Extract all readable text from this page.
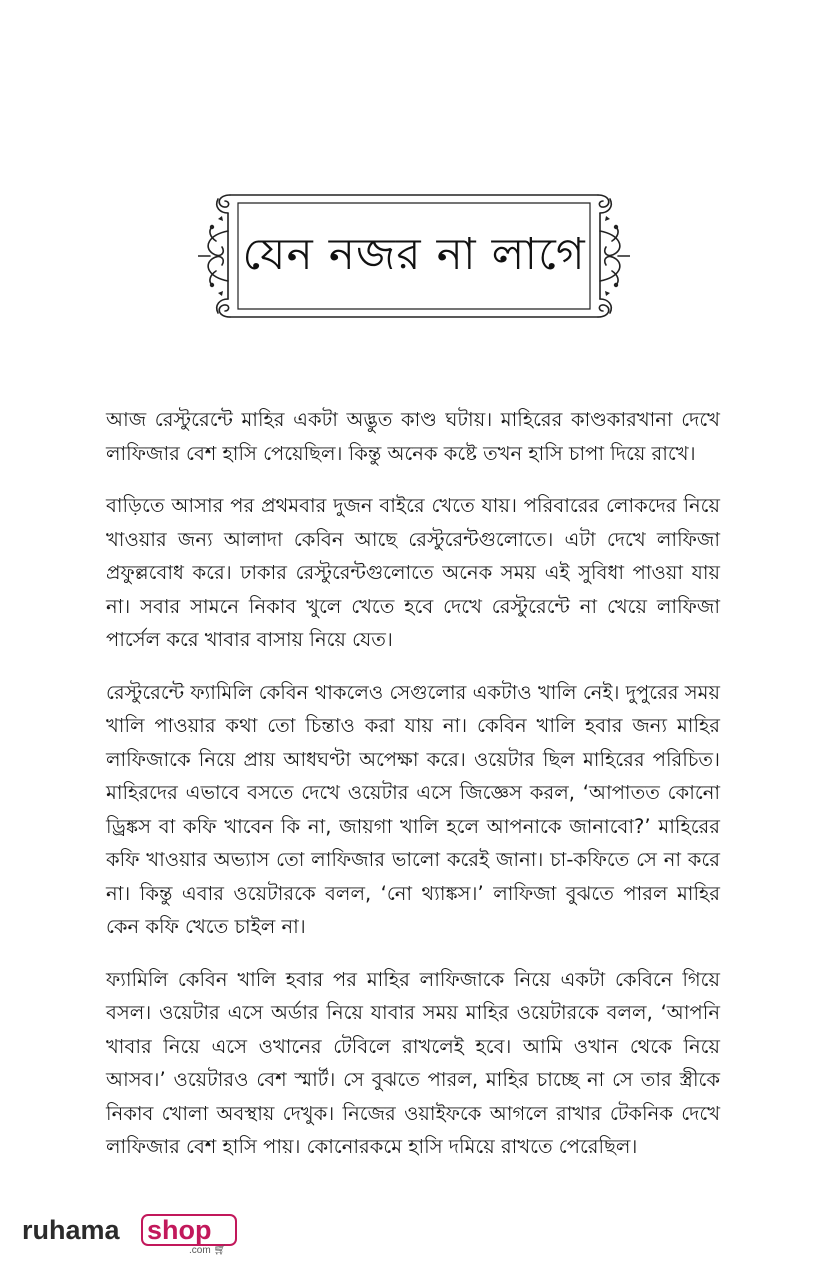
যেন নজর না লাগে

আজ রেস্টুরেন্টে মাহির একটা অদ্ভুত কাণ্ড ঘটায়। মাহিরের কাণ্ডকারখানা দেখে লাফিজার বেশ হাসি পেয়েছিল। কিন্তু অনেক কষ্টে তখন হাসি চাপা দিয়ে রাখে।

বাড়িতে আসার পর প্রথমবার দুজন বাইরে খেতে যায়। পরিবারের লোকদের নিয়ে খাওয়ার জন্য আলাদা কেবিন আছে রেস্টুরেন্টগুলোতে। এটা দেখে লাফিজা প্রফুল্লবোধ করে। ঢাকার রেস্টুরেন্টগুলোতে অনেক সময় এই সুবিধা পাওয়া যায় না। সবার সামনে নিকাব খুলে খেতে হবে দেখে রেস্টুরেন্টে না খেয়ে লাফিজা পার্সেল করে খাবার বাসায় নিয়ে যেত।

রেস্টুরেন্টে ফ্যামিলি কেবিন থাকলেও সেগুলোর একটাও খালি নেই। দুপুরের সময় খালি পাওয়ার কথা তো চিন্তাও করা যায় না। কেবিন খালি হবার জন্য মাহির লাফিজাকে নিয়ে প্রায় আধঘণ্টা অপেক্ষা করে। ওয়েটার ছিল মাহিরের পরিচিত। মাহিরদের এভাবে বসতে দেখে ওয়েটার এসে জিজ্ঞেস করল, ‘আপাতত কোনো ড্রিঙ্কস বা কফি খাবেন কি না, জায়গা খালি হলে আপনাকে জানাবো?’ মাহিরের কফি খাওয়ার অভ্যাস তো লাফিজার ভালো করেই জানা। চা-কফিতে সে না করে না। কিন্তু এবার ওয়েটারকে বলল, ‘নো থ্যাঙ্কস।’ লাফিজা বুঝতে পারল মাহির কেন কফি খেতে চাইল না।

ফ্যামিলি কেবিন খালি হবার পর মাহির লাফিজাকে নিয়ে একটা কেবিনে গিয়ে বসল। ওয়েটার এসে অর্ডার নিয়ে যাবার সময় মাহির ওয়েটারকে বলল, ‘আপনি খাবার নিয়ে এসে ওখানের টেবিলে রাখলেই হবে। আমি ওখান থেকে নিয়ে আসব।’ ওয়েটারও বেশ স্মার্ট। সে বুঝতে পারল, মাহির চাচ্ছে না সে তার স্ত্রীকে নিকাব খোলা অবস্থায় দেখুক। নিজের ওয়াইফকে আগলে রাখার টেকনিক দেখে লাফিজার বেশ হাসি পায়। কোনোরকমে হাসি দমিয়ে রাখতে পেরেছিল।

ruhama shop
.com 🛒︎
